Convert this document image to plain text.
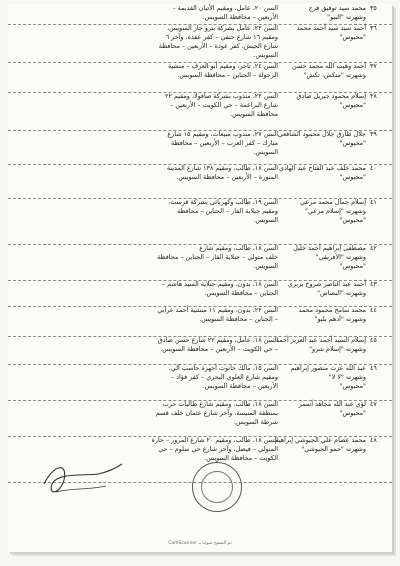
٣٥
محمد سيد توفيق فرج
وشهرته "البيو"
السن ٢٠، عامل، ومقيم الأتيان القديمة -
الأربعين – محافظة السويس.
٣٦
أحمد سيد سيد أحمد محمد
"محبوس"
السن ٢٢، عامل بشركة بترو جاز السويس،
ومقيم ١٦ شارع حنفي – كفر عقدة، وآخر ٦
شارع الجيش، كفر عودة – الأربعين – محافظة
السويس.
٣٧
أحمد وهيب الله محمد حسن
وشهرته "متكش، تكش"
السن ٢٤، تاجر، ومقيم أبو العرف – منشية
الرجولة – الجناين – محافظة السويس.
٣٨
إسلام محمود جبريل صادق
"محبوس"
السن ٢٢، مندوب بشركة صافولا، ومقيم ٢٢
شارع البراعمة – حي الكويت – الأربعين –
محافظة السويس.
٣٩
جلال طارق جلال محمود الشافعي
"محبوس"
السن ٢٧، مندوب مبيعات، ومقيم ١٥ شارع
مبارك – كفر العرب – الأربعين – محافظة
السويس.
٤٠
محمد خلف عبد الفتاح عبد الهادي
"محبوس"
السن ١٨، طالب، ومقيم ١٣٨ شارع المدينة
المنورة – الأربعين – محافظة السويس.
٤١
إسلام جمال محمد مرعي
وشهرته "إسلام مرعي"
"محبوس"
السن ١٩، طالب وكهربائي بشركة قرست،
ومقيم جبلاية الفار – الجناين – محافظة
السويس.
٤٢
مصطفى إبراهيم أحمد خليل
وشهرته "الأفريقي"
"محبوس"
السن ١٨، طالب، ومقيم شارع
خلف متولي – جبلاية الفار – الجناين – محافظة
السويس.
٤٣
أحمد عبد الناصر شروخ بربري
وشهرته "البصاص"
السن ١٨، بدون، ومقيم جبلاية السيد هاشم –
الجناين – محافظة السويس.
٤٤
محمد سامح محمود محمد
وشهرته "أدهم بلبو"
السن ٢٢، بدون، ومقيم ١١ منشية أحمد عرابي
– الجناين – محافظة السويس.
٤٥
إسلام السيد أحمد عبد العزيز أحمد
وشهرته "إسلام شرو"
السن ١٨، عامل، ومقيم ٢٢ شارع حسن صادق
– حي الكويت – الأربعين – محافظة السويس.
٤٦
عبد الله عزت منصور إبراهيم
وشهرته "لا لا"
"محبوس"
السن ١٥، مالك حانوت أجهزة حاسب آلي،
ومقيم شارع العلوي البحري – كفر فؤاد –
الأربعين – محافظة السويس.
٤٧
لؤي عبد الله مجاهد أسمر
"محبوس"
السن ١٨، طالب، ومقيم شارع طالبات حرب
بمنطقة المنيسة، وآخر شارع عثمان خلف قسم
شرطة السويس.
٤٨
محمد عصام علي الجيوشي إبراهيم
وشهرته "حمو الجيوشي"
السن ١٨، طالب، ومقيم ٢٠ شارع المرور – حارة
المتولي – فيصل، وآخر شارع حي سلوم – حي
الكويت – محافظة السويس.
CamScanner تم المسح ضوئيا بـ
